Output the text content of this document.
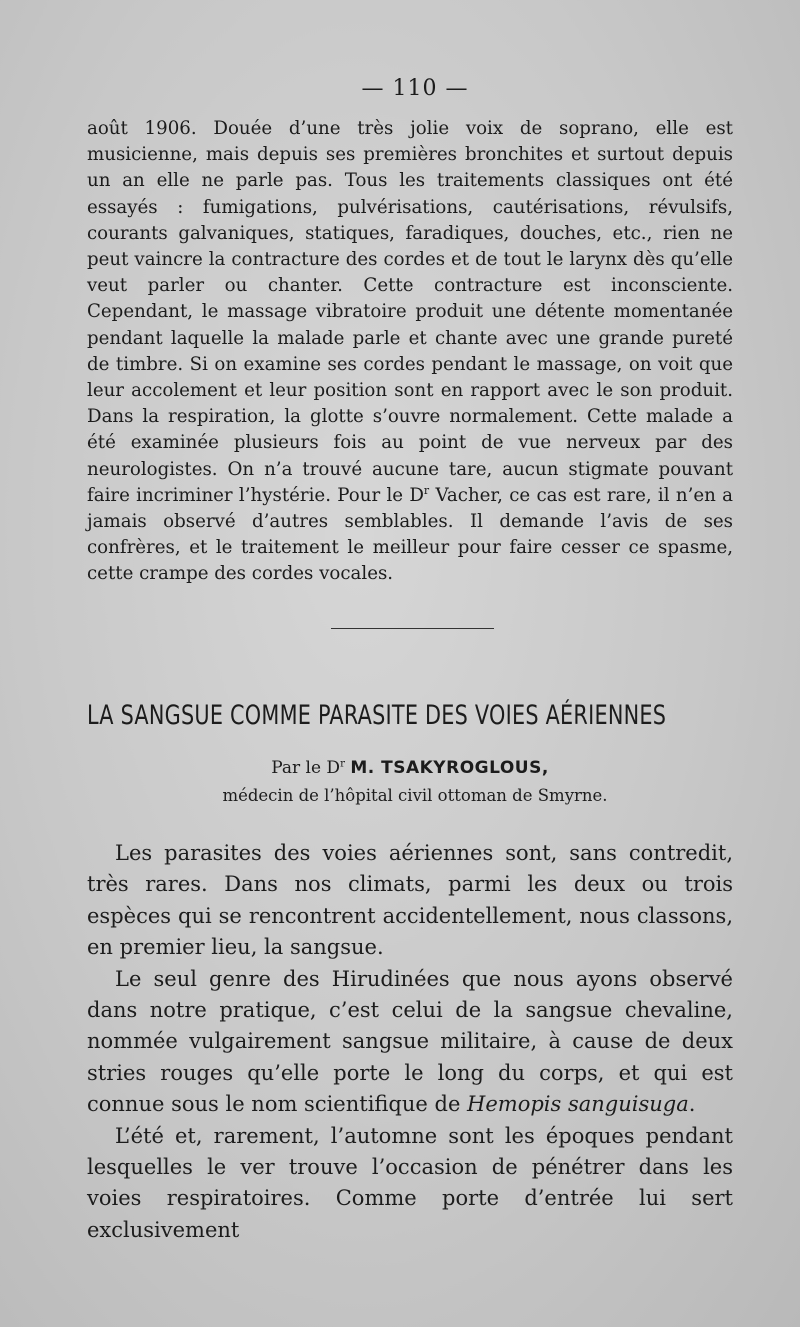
— 110 —

août 1906. Douée d’une très jolie voix de soprano, elle est musicienne, mais depuis ses premières bronchites et surtout depuis un an elle ne parle pas. Tous les traitements classiques ont été essayés : fumigations, pulvérisations, cautérisations, révulsifs, courants galvaniques, statiques, faradiques, douches, etc., rien ne peut vaincre la contracture des cordes et de tout le larynx dès qu’elle veut parler ou chanter. Cette contracture est inconsciente. Cependant, le massage vibratoire produit une détente momentanée pendant laquelle la malade parle et chante avec une grande pureté de timbre. Si on examine ses cordes pendant le massage, on voit que leur accolement et leur position sont en rapport avec le son produit. Dans la respiration, la glotte s’ouvre normalement. Cette malade a été examinée plusieurs fois au point de vue nerveux par des neurologistes. On n’a trouvé aucune tare, aucun stigmate pouvant faire incriminer l’hystérie. Pour le $D^r$ Vacher, ce cas est rare, il n’en a jamais observé d’autres semblables. Il demande l’avis de ses confrères, et le traitement le meilleur pour faire cesser ce spasme, cette crampe des cordes vocales.

LA SANGSUE COMME PARASITE DES VOIES AÉRIENNES
Par le $D^r$ M. TSAKYROGLOUS,
médecin de l’hôpital civil ottoman de Smyrne.

Les parasites des voies aériennes sont, sans contredit, très rares. Dans nos climats, parmi les deux ou trois espèces qui se rencontrent accidentellement, nous classons, en premier lieu, la sangsue.

Le seul genre des Hirudinées que nous ayons observé dans notre pratique, c’est celui de la sangsue chevaline, nommée vulgairement sangsue militaire, à cause de deux stries rouges qu’elle porte le long du corps, et qui est connue sous le nom scientifique de Hemopis sanguisuga.

L’été et, rarement, l’automne sont les époques pendant lesquelles le ver trouve l’occasion de pénétrer dans les voies respiratoires. Comme porte d’entrée lui sert exclusivement
